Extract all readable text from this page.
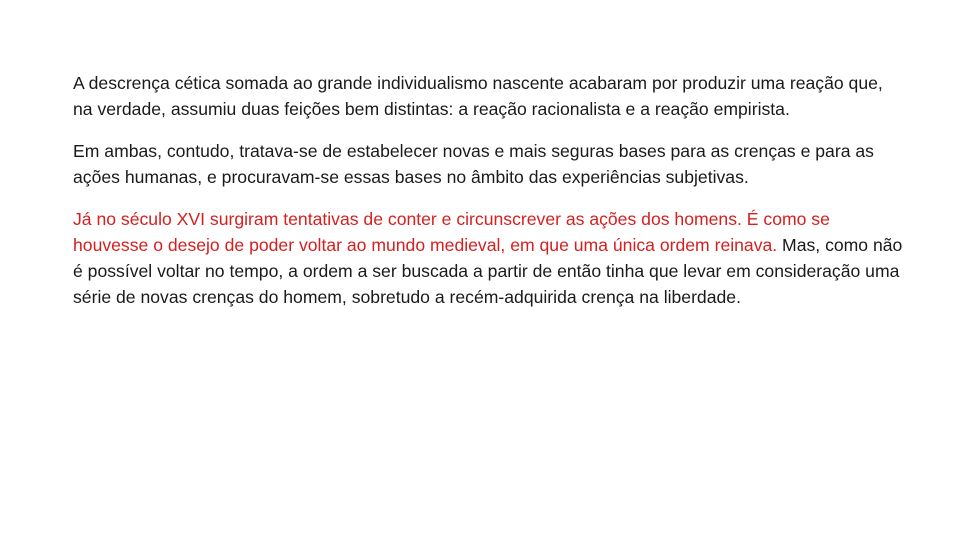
A descrença cética somada ao grande individualismo nascente acabaram por produzir uma reação que, na verdade, assumiu duas feições bem distintas: a reação racionalista e a reação empirista.

Em ambas, contudo, tratava-se de estabelecer novas e mais seguras bases para as crenças e para as ações humanas, e procuravam-se essas bases no âmbito das experiências subjetivas.

Já no século XVI surgiram tentativas de conter e circunscrever as ações dos homens. É como se houvesse o desejo de poder voltar ao mundo medieval, em que uma única ordem reinava. Mas, como não é possível voltar no tempo, a ordem a ser buscada a partir de então tinha que levar em consideração uma série de novas crenças do homem, sobretudo a recém-adquirida crença na liberdade.
